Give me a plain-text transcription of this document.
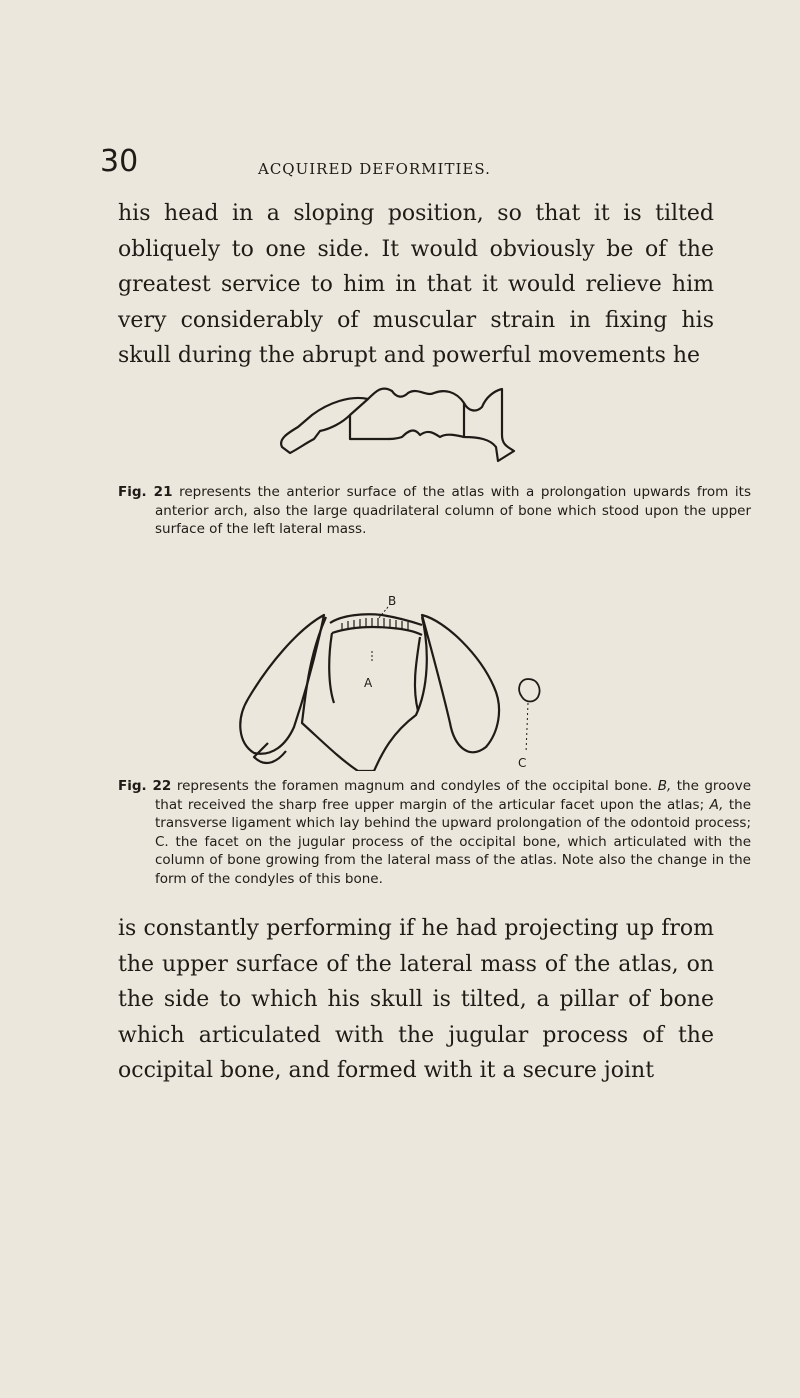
30	ACQUIRED DEFORMITIES.

his head in a sloping position, so that it is tilted obliquely to one side. It would obviously be of the greatest service to him in that it would relieve him very considerably of muscular strain in fixing his skull during the abrupt and powerful movements he

Fig. 21 represents the anterior surface of the atlas with a prolongation upwards from its anterior arch, also the large quadrilateral column of bone which stood upon the upper surface of the left lateral mass.

B
A
C

Fig. 22 represents the foramen magnum and condyles of the occipital bone. B, the groove that received the sharp free upper margin of the articular facet upon the atlas; A, the transverse ligament which lay behind the upward prolongation of the odontoid process; C. the facet on the jugular process of the occipital bone, which articulated with the column of bone growing from the lateral mass of the atlas. Note also the change in the form of the condyles of this bone.

is constantly performing if he had projecting up from the upper surface of the lateral mass of the atlas, on the side to which his skull is tilted, a pillar of bone which articulated with the jugular process of the occipital bone, and formed with it a secure joint
